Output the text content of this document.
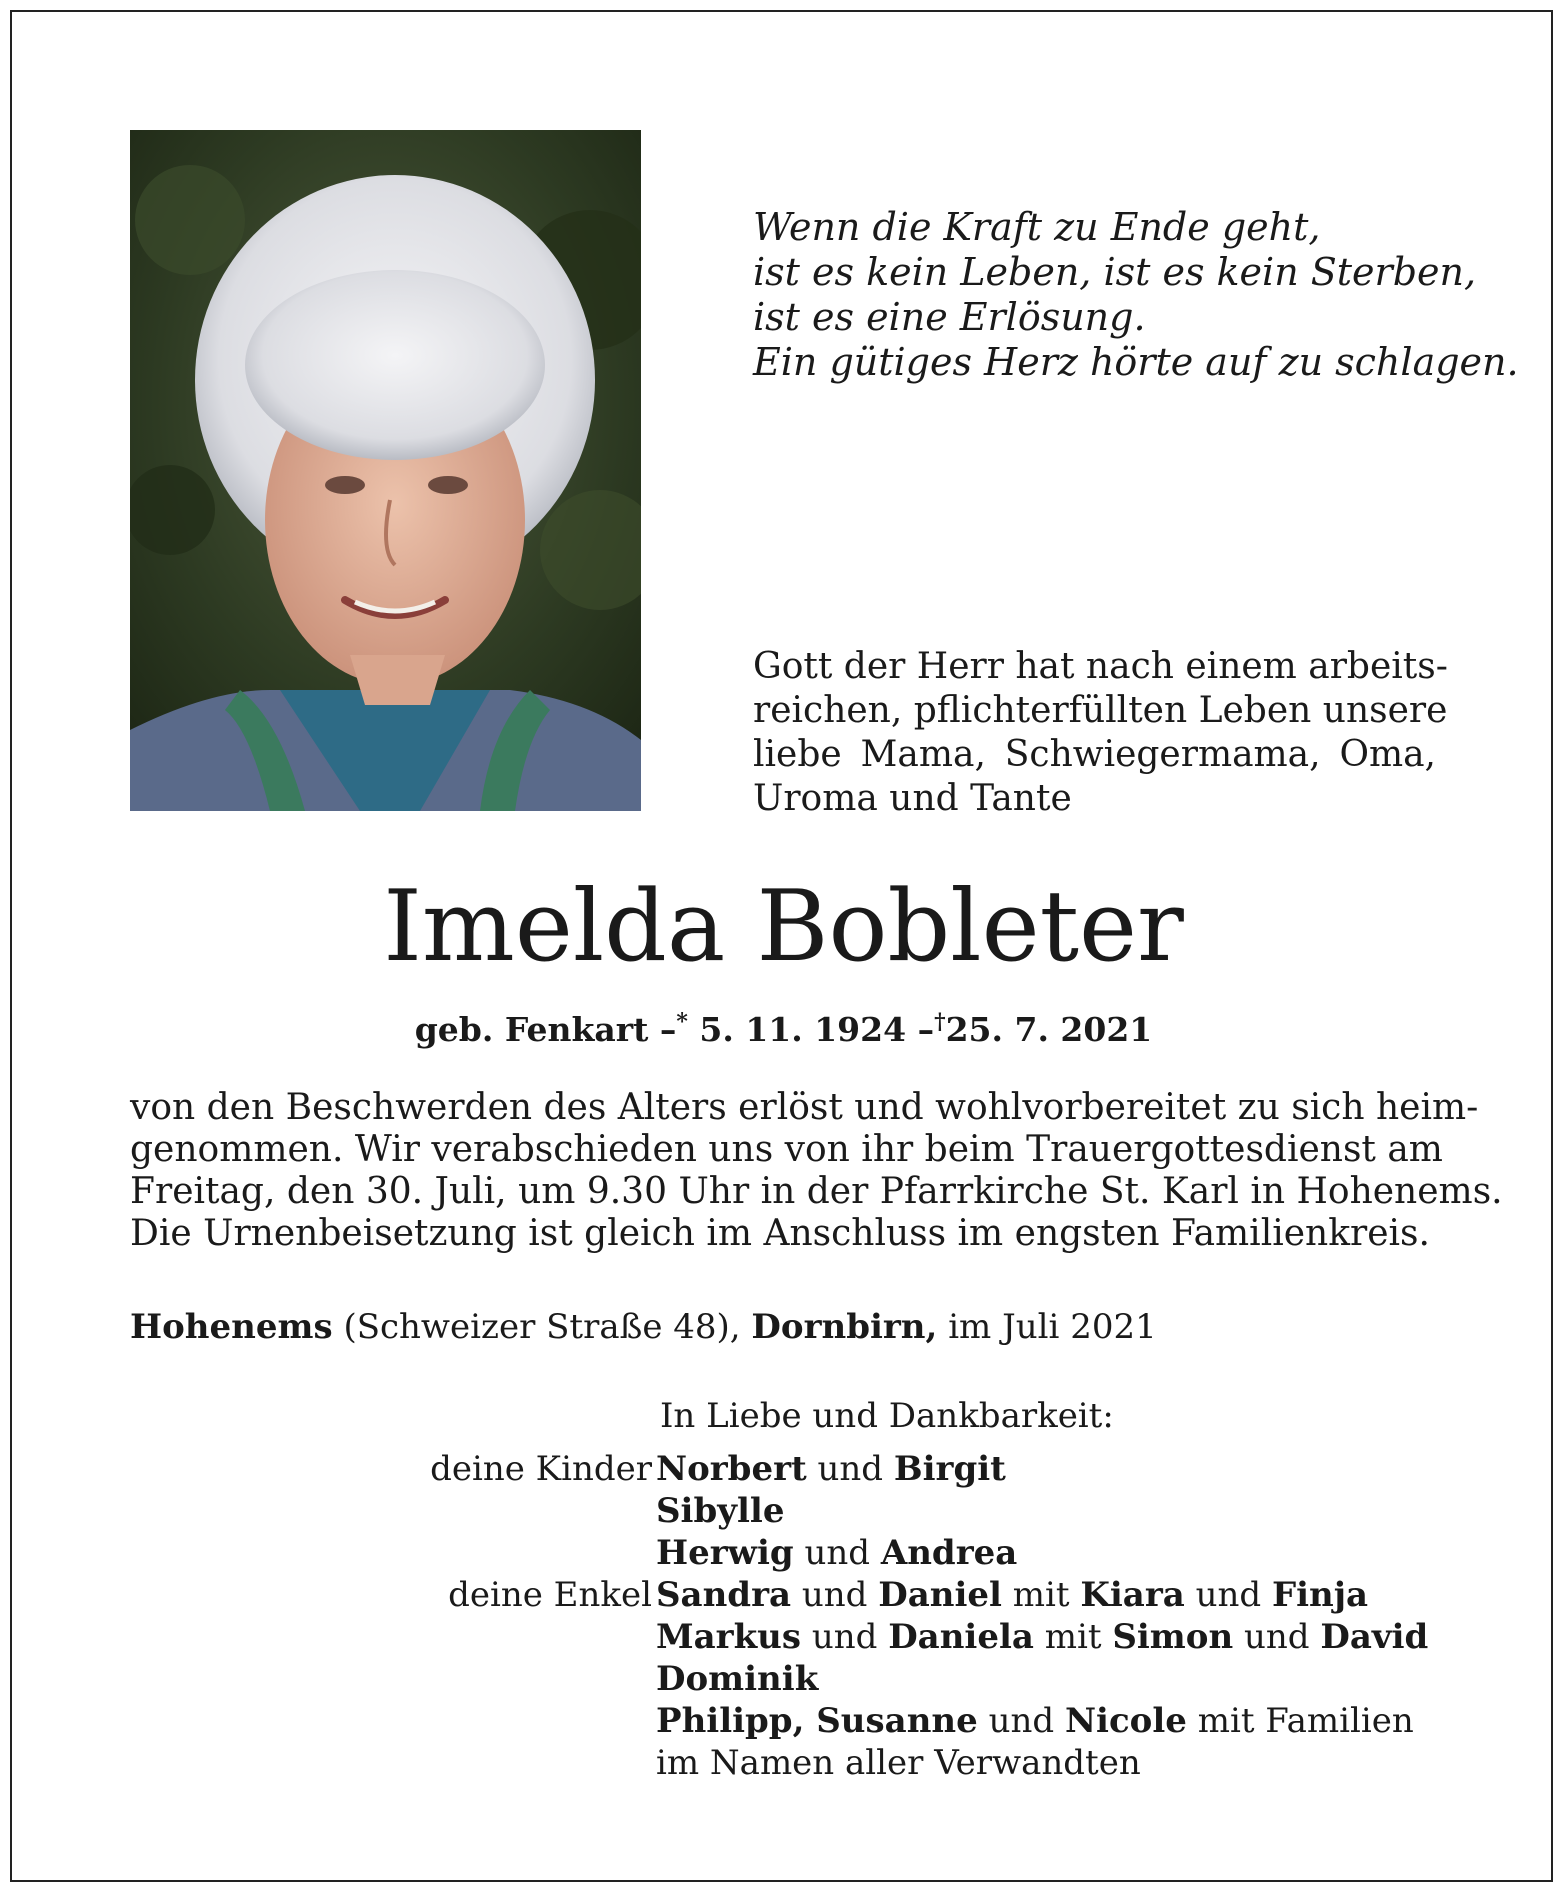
Wenn die Kraft zu Ende geht,
ist es kein Leben, ist es kein Sterben,
ist es eine Erlösung.
Ein gütiges Herz hörte auf zu schlagen.
Gott der Herr hat nach einem arbeits-
reichen, pflichterfüllten Leben unsere
liebe Mama, Schwiegermama, Oma,
Uroma und Tante
Imelda Bobleter
geb. Fenkart –* 5. 11. 1924 –†25. 7. 2021
von den Beschwerden des Alters erlöst und wohlvorbereitet zu sich heim-
genommen. Wir verabschieden uns von ihr beim Trauergottesdienst am
Freitag, den 30. Juli, um 9.30 Uhr in der Pfarrkirche St. Karl in Hohenems.
Die Urnenbeisetzung ist gleich im Anschluss im engsten Familienkreis.
Hohenems (Schweizer Straße 48), Dornbirn, im Juli 2021
In Liebe und Dankbarkeit:
deine Kinder Norbert und Birgit
Sibylle
Herwig und Andrea
deine Enkel Sandra und Daniel mit Kiara und Finja
Markus und Daniela mit Simon und David
Dominik
Philipp, Susanne und Nicole mit Familien
im Namen aller Verwandten
